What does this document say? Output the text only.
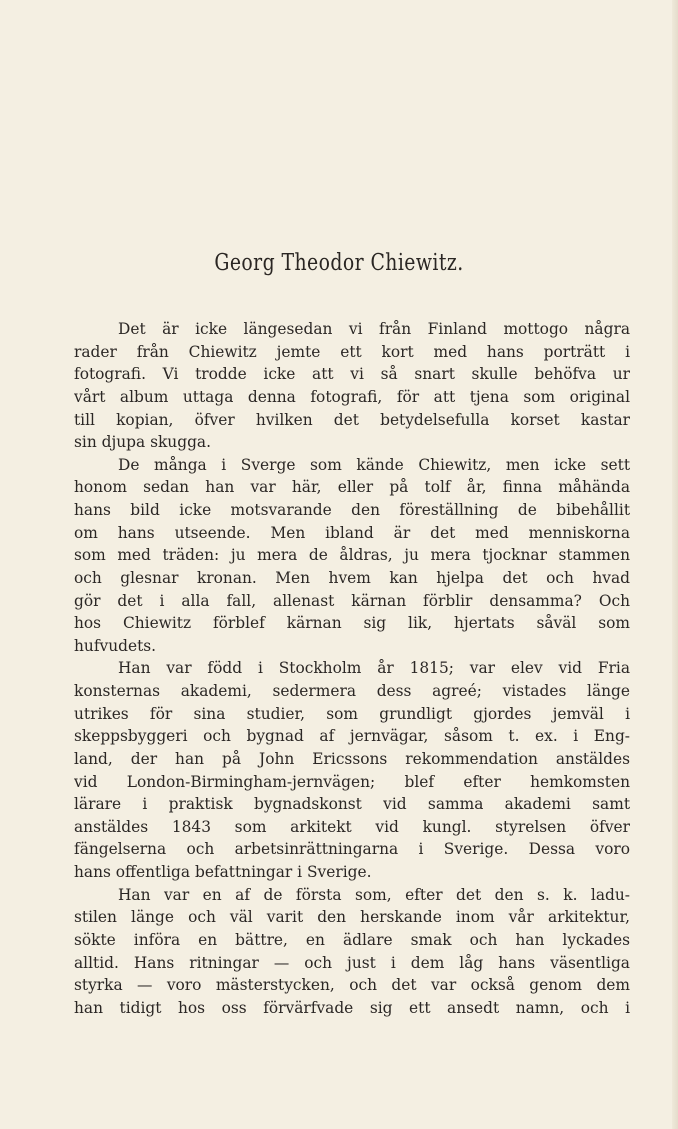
Georg Theodor Chiewitz.
Det är icke längesedan vi från Finland mottogo några
rader från Chiewitz jemte ett kort med hans porträtt i
fotografi. Vi trodde icke att vi så snart skulle behöfva ur
vårt album uttaga denna fotografi, för att tjena som original
till kopian, öfver hvilken det betydelsefulla korset kastar
sin djupa skugga.
De många i Sverge som kände Chiewitz, men icke sett
honom sedan han var här, eller på tolf år, finna måhända
hans bild icke motsvarande den föreställning de bibehållit
om hans utseende. Men ibland är det med menniskorna
som med träden: ju mera de åldras, ju mera tjocknar stammen
och glesnar kronan. Men hvem kan hjelpa det och hvad
gör det i alla fall, allenast kärnan förblir densamma? Och
hos Chiewitz förblef kärnan sig lik, hjertats såväl som
hufvudets.
Han var född i Stockholm år 1815; var elev vid Fria
konsternas akademi, sedermera dess agreé; vistades länge
utrikes för sina studier, som grundligt gjordes jemväl i
skeppsbyggeri och bygnad af jernvägar, såsom t. ex. i Eng-
land, der han på John Ericssons rekommendation anstäldes
vid London-Birmingham-jernvägen; blef efter hemkomsten
lärare i praktisk bygnadskonst vid samma akademi samt
anstäldes 1843 som arkitekt vid kungl. styrelsen öfver
fängelserna och arbetsinrättningarna i Sverige. Dessa voro
hans offentliga befattningar i Sverige.
Han var en af de första som, efter det den s. k. ladu-
stilen länge och väl varit den herskande inom vår arkitektur,
sökte införa en bättre, en ädlare smak och han lyckades
alltid. Hans ritningar — och just i dem låg hans väsentliga
styrka — voro mästerstycken, och det var också genom dem
han tidigt hos oss förvärfvade sig ett ansedt namn, och i
